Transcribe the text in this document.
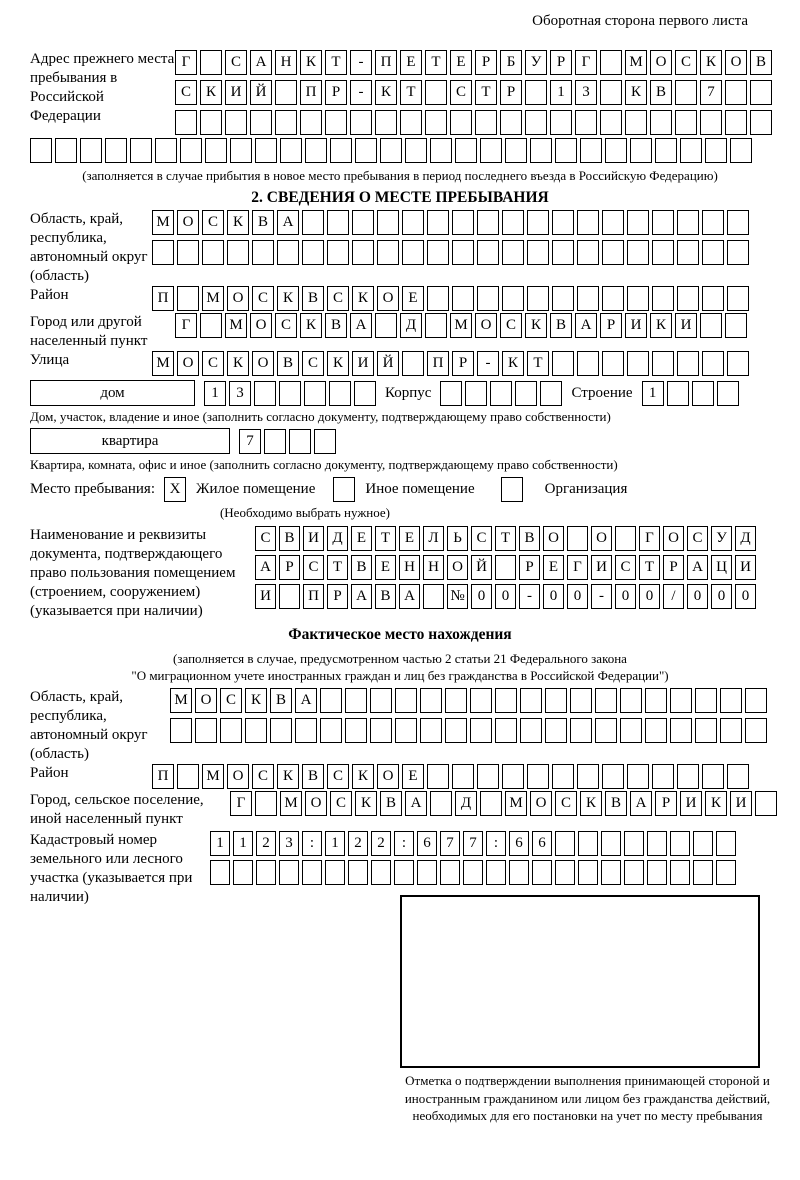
Оборотная сторона первого листа
Адрес прежнего места пребывания в Российской Федерации
Г	С А Н К	Т	-	П Е	Т	Е	Р	Б	У	Р	Г	М О С К О В
С К И Й	П	Р	-	К	Т	С	Т	Р	1	3	К В	7
(заполняется в случае прибытия в новое место пребывания в период последнего въезда в Российскую Федерацию)
2. СВЕДЕНИЯ О МЕСТЕ ПРЕБЫВАНИЯ
Область, край, республика, автономный округ (область)
М О С К В А
Район	П	М О С К В С К О Е
Город или другой населенный пункт
Г	М О С К В А	Д	М О С К В А	Р	И К И
Улица	М О С К О В С К И Й	П	Р	-	К	Т
дом	1	3	Корпус	Строение	1
Дом, участок, владение и иное (заполнить согласно документу, подтверждающему право собственности)
квартира	7
Квартира, комната, офис и иное (заполнить согласно документу, подтверждающему право собственности)
Место пребывания: X	Жилое помещение	Иное помещение	Организация
(Необходимо выбрать нужное)
Наименование и реквизиты документа, подтверждающего право пользования помещением (строением, сооружением) (указывается при наличии)
С В И Д Е Т Е Л Ь С Т В О	О	Г О С У Д
А Р С Т В Е Н Н О Й	Р	Е	Г И С Т	Р А Ц И
И	П Р А В А	№ 0	0	-	0	0	-	0	0	/	0	0	0
Фактическое место нахождения
(заполняется в случае, предусмотренном частью 2 статьи 21 Федерального закона
"О миграционном учете иностранных граждан и лиц без гражданства в Российской Федерации")
Область, край, республика, автономный округ (область)
М О С К В А
Район	П	М О С К В С К О Е
Город, сельское поселение, иной населенный пункт
Г	М О С К В А	Д	М О С К В А	Р	И К И
Кадастровый номер земельного или лесного участка (указывается при наличии)
1	1	2	3	:	1	2	2	:	6	7	7	:	6	6
Отметка о подтверждении выполнения принимающей стороной и иностранным гражданином или лицом без гражданства действий, необходимых для его постановки на учет по месту пребывания
